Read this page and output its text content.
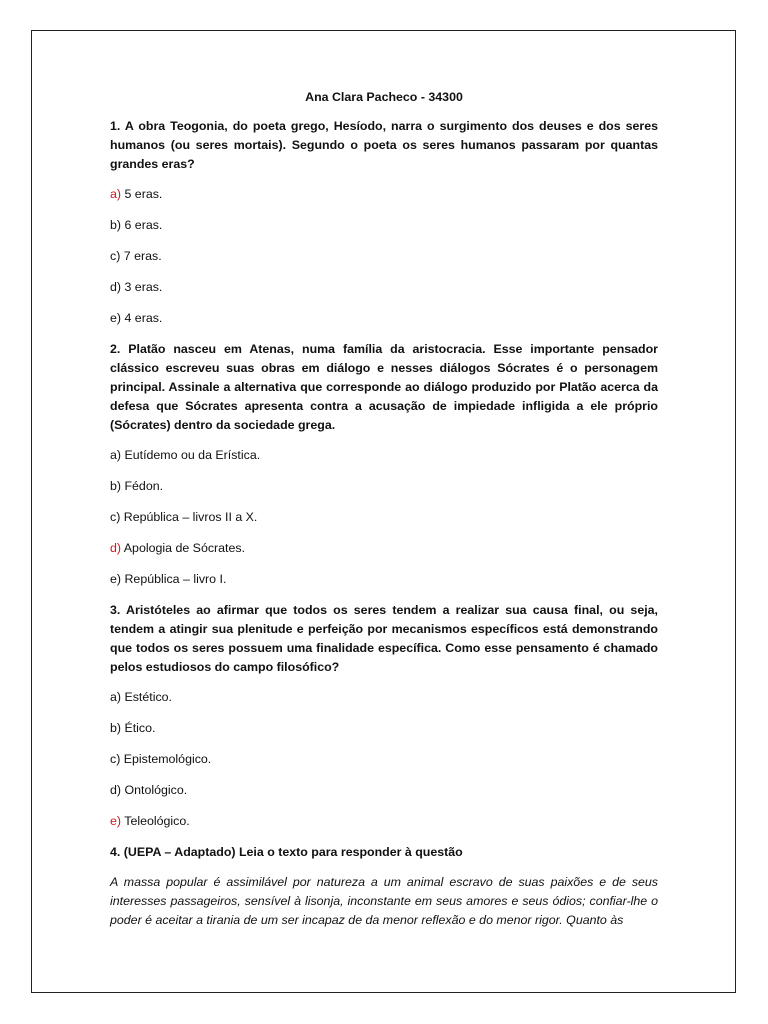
Ana Clara Pacheco - 34300
1. A obra Teogonia, do poeta grego, Hesíodo, narra o surgimento dos deuses e dos seres humanos (ou seres mortais). Segundo o poeta os seres humanos passaram por quantas grandes eras?
a) 5 eras.
b) 6 eras.
c) 7 eras.
d) 3 eras.
e) 4 eras.
2. Platão nasceu em Atenas, numa família da aristocracia. Esse importante pensador clássico escreveu suas obras em diálogo e nesses diálogos Sócrates é o personagem principal. Assinale a alternativa que corresponde ao diálogo produzido por Platão acerca da defesa que Sócrates apresenta contra a acusação de impiedade infligida a ele próprio (Sócrates) dentro da sociedade grega.
a) Eutídemo ou da Erística.
b) Fédon.
c) República – livros II a X.
d) Apologia de Sócrates.
e) República – livro I.
3. Aristóteles ao afirmar que todos os seres tendem a realizar sua causa final, ou seja, tendem a atingir sua plenitude e perfeição por mecanismos específicos está demonstrando que todos os seres possuem uma finalidade específica. Como esse pensamento é chamado pelos estudiosos do campo filosófico?
a) Estético.
b) Ético.
c) Epistemológico.
d) Ontológico.
e) Teleológico.
4. (UEPA – Adaptado) Leia o texto para responder à questão
A massa popular é assimilável por natureza a um animal escravo de suas paixões e de seus interesses passageiros, sensível à lisonja, inconstante em seus amores e seus ódios; confiar-lhe o poder é aceitar a tirania de um ser incapaz de da menor reflexão e do menor rigor. Quanto às
